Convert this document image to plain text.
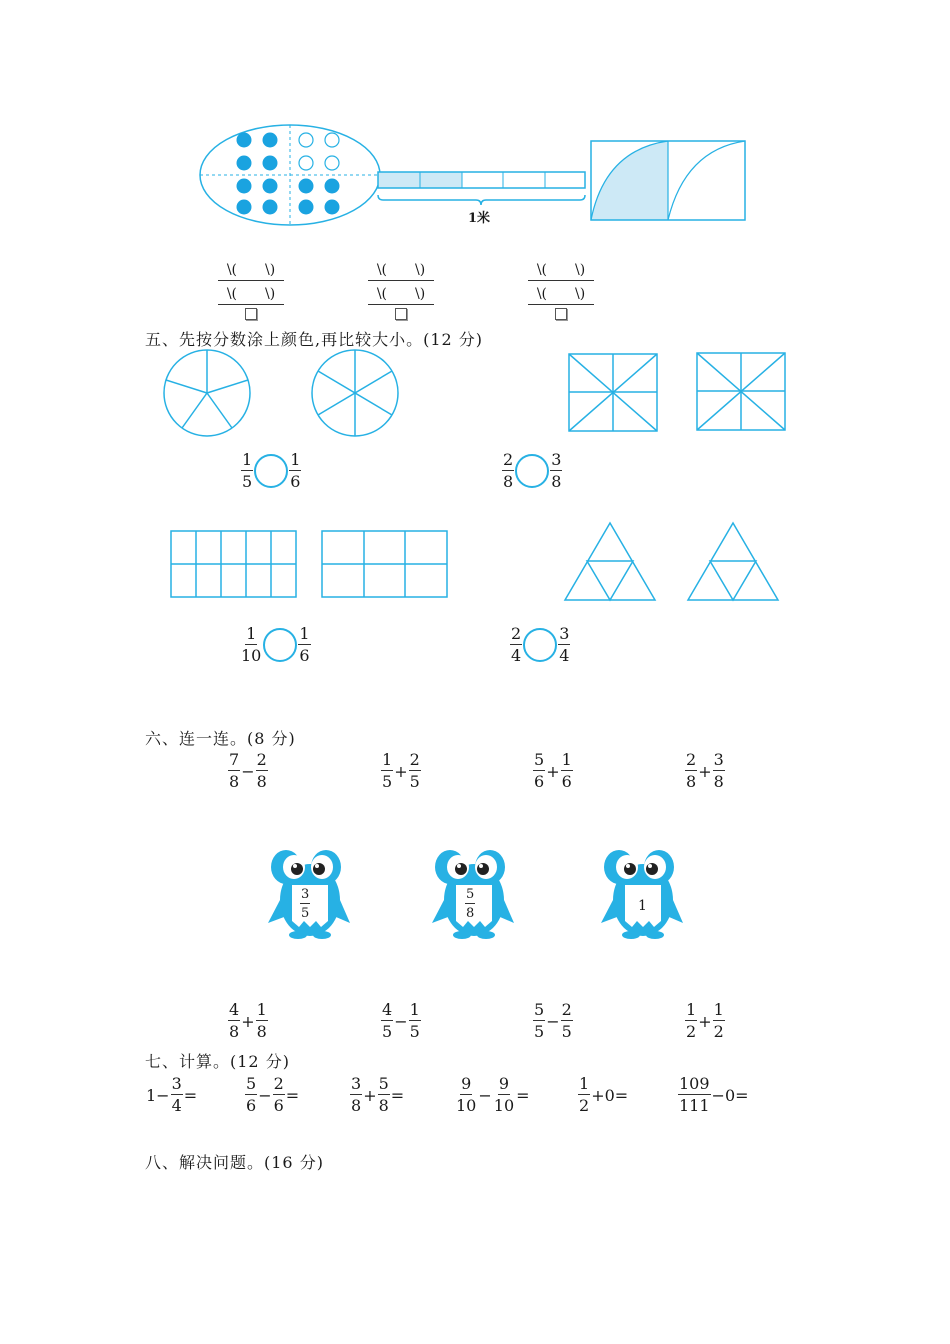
1米
\(　　\)
\(　　\)
\(　　\)
\(　　\)
\(　　\)
\(　　\)
五、先按分数涂上颜色,再比较大小。(12 分)
$\frac{1}{5} \frac{1}{6}$	$\frac{2}{8} \frac{3}{8}$
$\frac{1}{10} \frac{1}{6}$	$\frac{2}{4} \frac{3}{4}$
六、连一连。(8 分)
$\frac{7}{8} - \frac{2}{8}$	$\frac{1}{5} + \frac{2}{5}$	$\frac{5}{6} + \frac{1}{6}$	$\frac{2}{8} + \frac{3}{8}$
$\frac{3}{5}$	$\frac{5}{8}$	1
$\frac{4}{8} + \frac{1}{8}$	$\frac{4}{5} - \frac{1}{5}$	$\frac{5}{5} - \frac{2}{5}$	$\frac{1}{2} + \frac{1}{2}$
七、计算。(12 分)
$1- \frac{3}{4}$ =	$\frac{5}{6} - \frac{2}{6}$ =	$\frac{3}{8} + \frac{5}{8}$ =	$\frac{9}{10} - \frac{9}{10}$ =	$\frac{1}{2} +0=$	$\frac{109}{111} -0=$
八、解决问题。(16 分)
